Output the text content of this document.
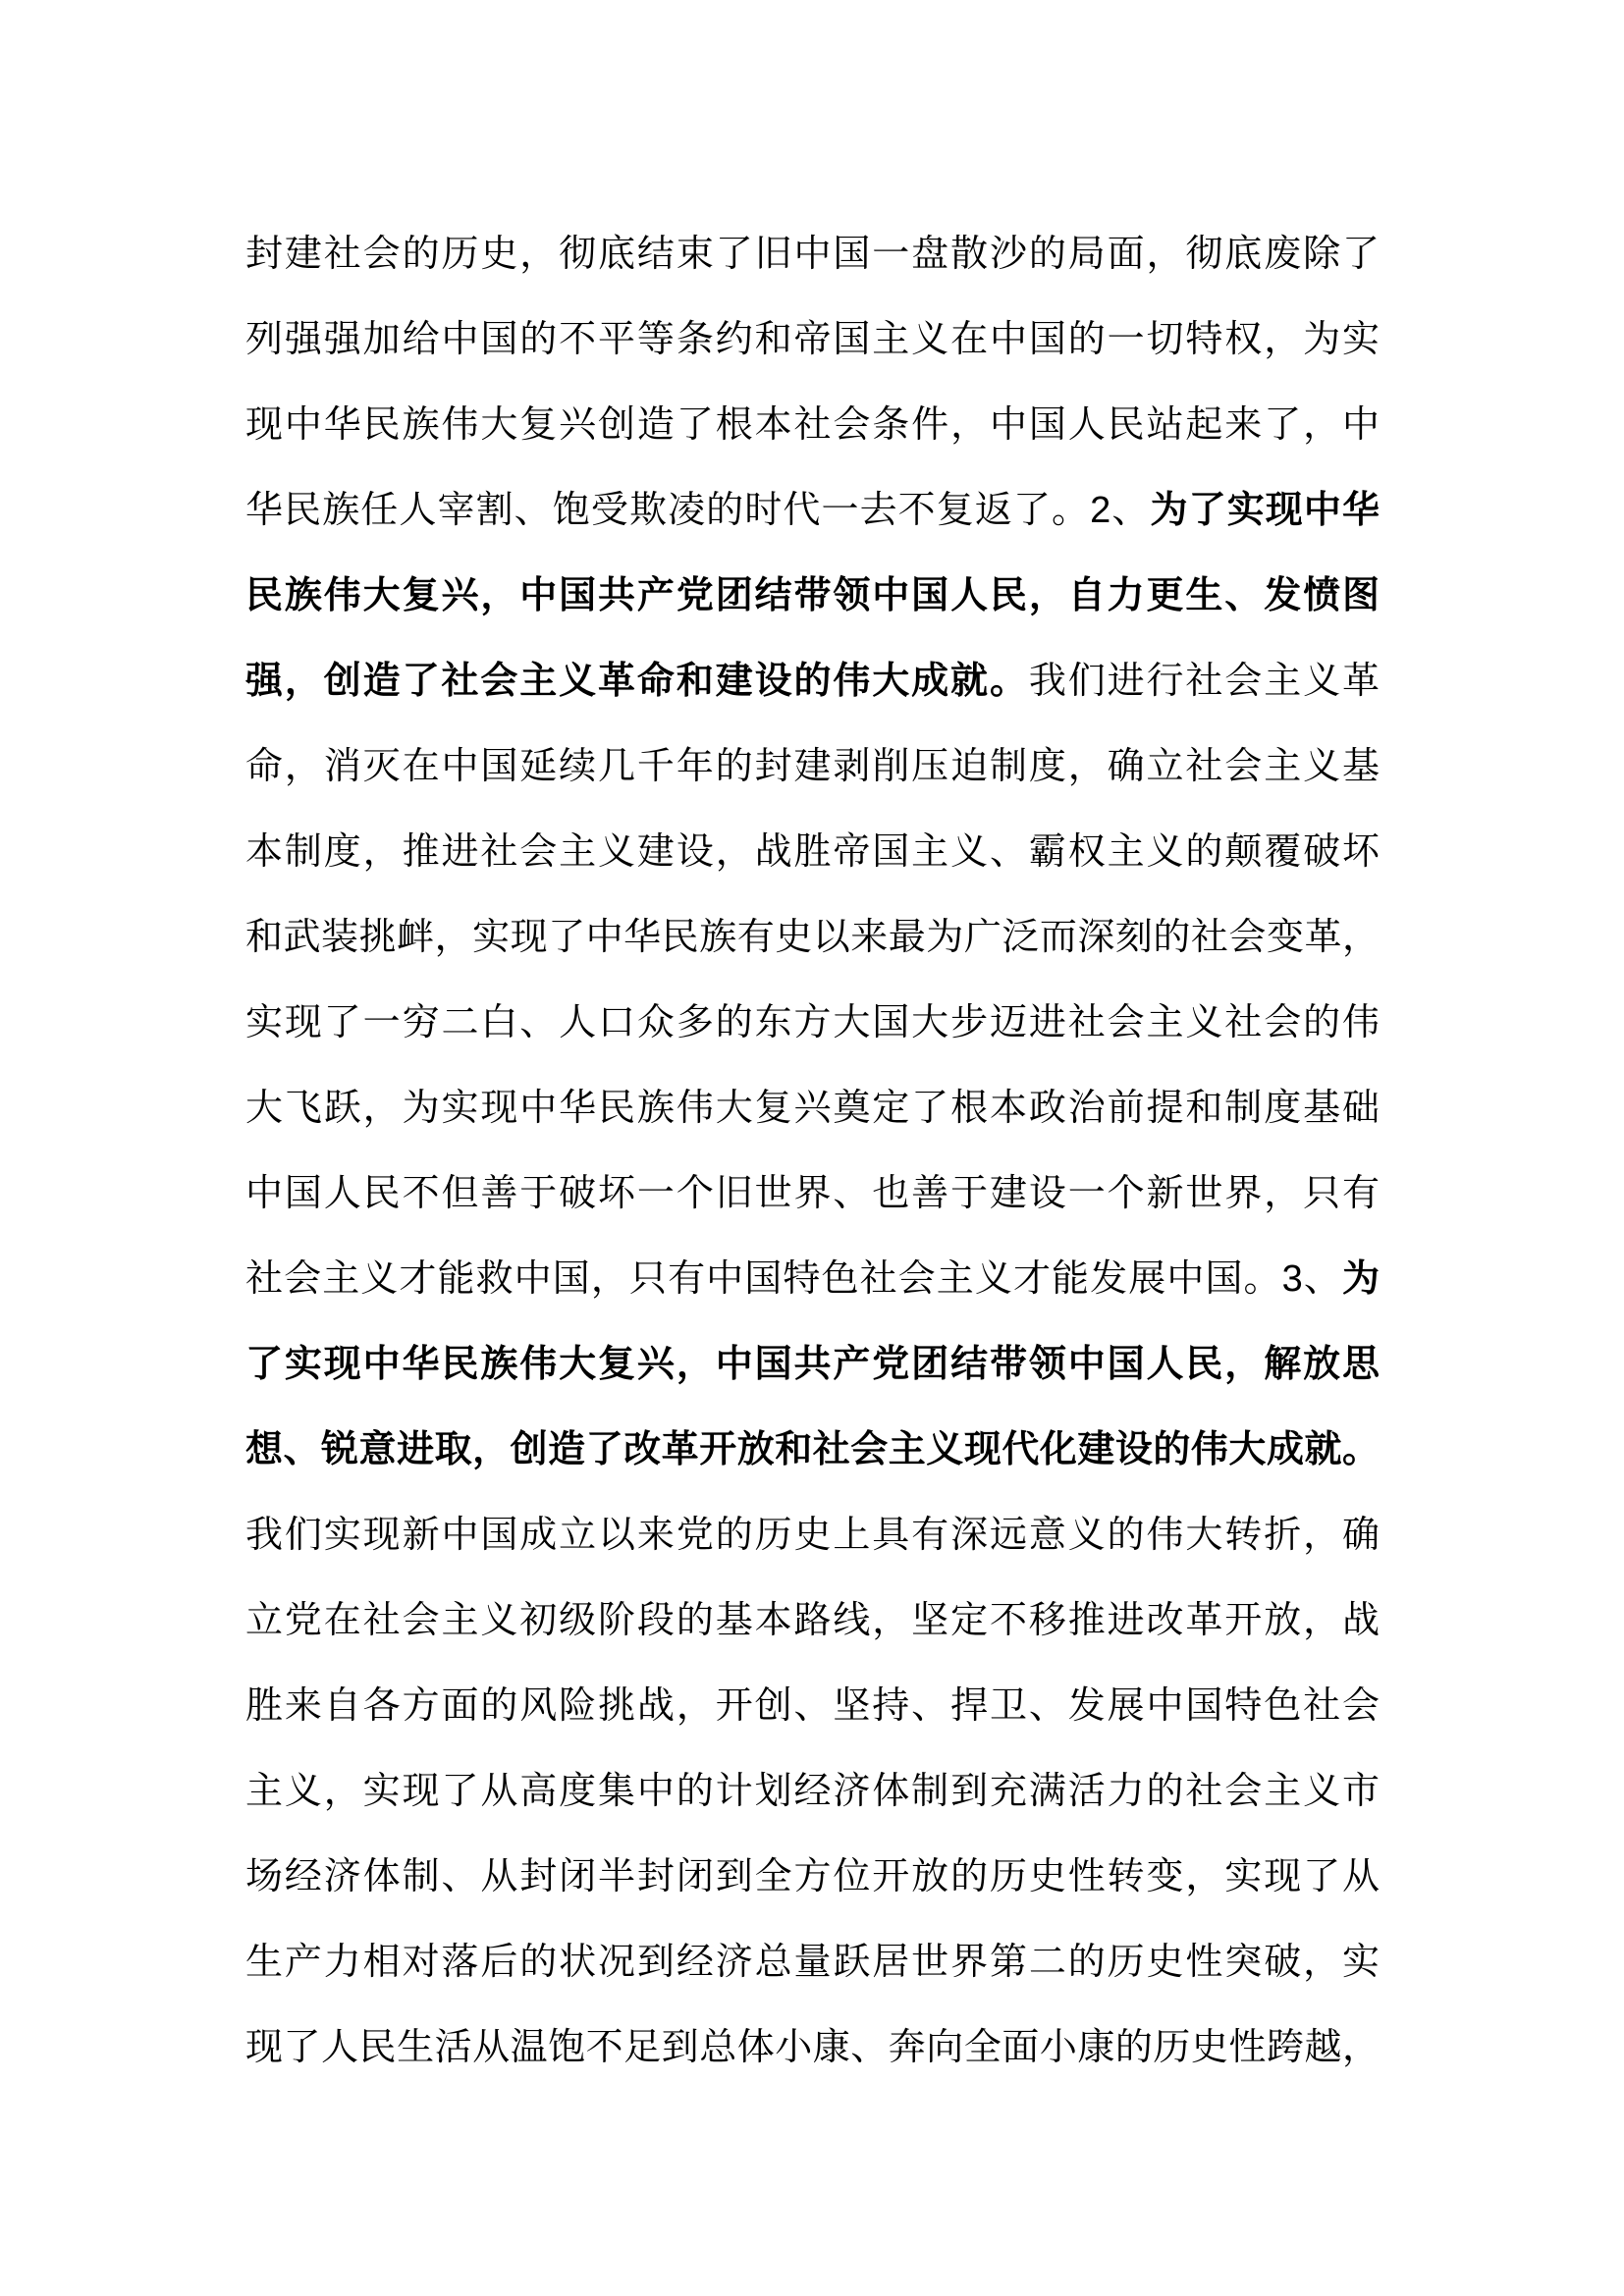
封建社会的历史，彻底结束了旧中国一盘散沙的局面，彻底废除了
列强强加给中国的不平等条约和帝国主义在中国的一切特权，为实
现中华民族伟大复兴创造了根本社会条件，中国人民站起来了，中
华民族任人宰割、饱受欺凌的时代一去不复返了。2、为了实现中华
民族伟大复兴，中国共产党团结带领中国人民，自力更生、发愤图
强，创造了社会主义革命和建设的伟大成就。我们进行社会主义革
命，消灭在中国延续几千年的封建剥削压迫制度，确立社会主义基
本制度，推进社会主义建设，战胜帝国主义、霸权主义的颠覆破坏
和武装挑衅，实现了中华民族有史以来最为广泛而深刻的社会变革，
实现了一穷二白、人口众多的东方大国大步迈进社会主义社会的伟
大飞跃，为实现中华民族伟大复兴奠定了根本政治前提和制度基础
中国人民不但善于破坏一个旧世界、也善于建设一个新世界，只有
社会主义才能救中国，只有中国特色社会主义才能发展中国。3、为
了实现中华民族伟大复兴，中国共产党团结带领中国人民，解放思
想、锐意进取，创造了改革开放和社会主义现代化建设的伟大成就。
我们实现新中国成立以来党的历史上具有深远意义的伟大转折，确
立党在社会主义初级阶段的基本路线，坚定不移推进改革开放，战
胜来自各方面的风险挑战，开创、坚持、捍卫、发展中国特色社会
主义，实现了从高度集中的计划经济体制到充满活力的社会主义市
场经济体制、从封闭半封闭到全方位开放的历史性转变，实现了从
生产力相对落后的状况到经济总量跃居世界第二的历史性突破，实
现了人民生活从温饱不足到总体小康、奔向全面小康的历史性跨越，
